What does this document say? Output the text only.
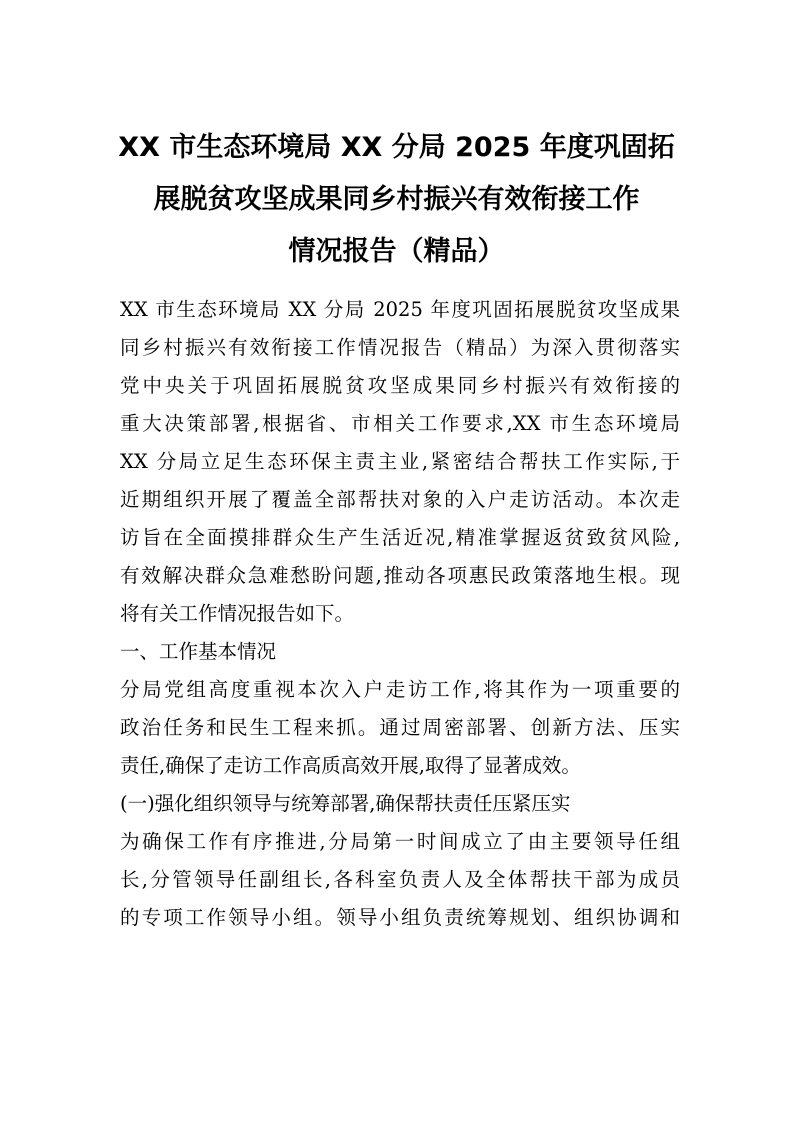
XX 市生态环境局 XX 分局 2025 年度巩固拓
展脱贫攻坚成果同乡村振兴有效衔接工作
情况报告（精品）
XX 市生态环境局 XX 分局 2025 年度巩固拓展脱贫攻坚成果
同乡村振兴有效衔接工作情况报告（精品）为深入贯彻落实
党中央关于巩固拓展脱贫攻坚成果同乡村振兴有效衔接的
重大决策部署,根据省、市相关工作要求,XX 市生态环境局
XX 分局立足生态环保主责主业,紧密结合帮扶工作实际,于
近期组织开展了覆盖全部帮扶对象的入户走访活动。本次走
访旨在全面摸排群众生产生活近况,精准掌握返贫致贫风险,
有效解决群众急难愁盼问题,推动各项惠民政策落地生根。现
将有关工作情况报告如下。
一、工作基本情况
分局党组高度重视本次入户走访工作,将其作为一项重要的
政治任务和民生工程来抓。通过周密部署、创新方法、压实
责任,确保了走访工作高质高效开展,取得了显著成效。
(一)强化组织领导与统筹部署,确保帮扶责任压紧压实
为确保工作有序推进,分局第一时间成立了由主要领导任组
长,分管领导任副组长,各科室负责人及全体帮扶干部为成员
的专项工作领导小组。领导小组负责统筹规划、组织协调和
